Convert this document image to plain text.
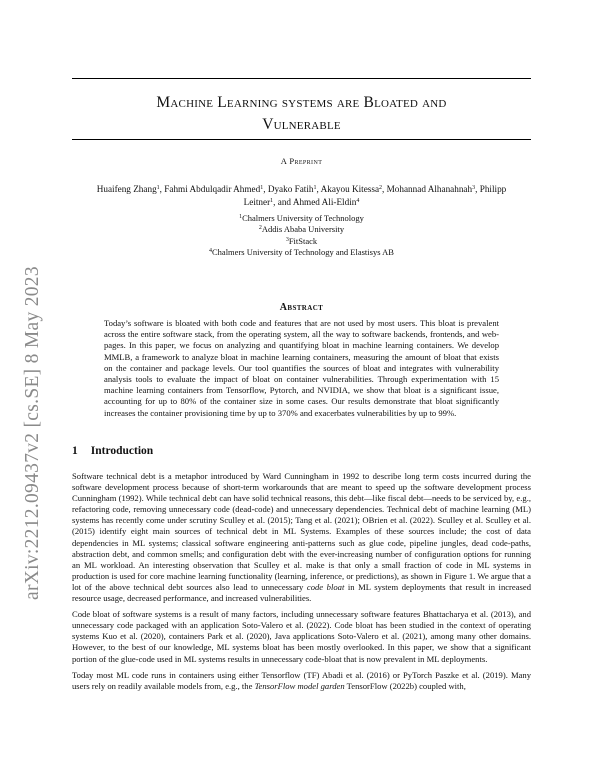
arXiv:2212.09437v2 [cs.SE] 8 May 2023
Machine Learning systems are Bloated and
Vulnerable
A Preprint
Huaifeng Zhang$^1$, Fahmi Abdulqadir Ahmed$^1$, Dyako Fatih$^1$, Akayou Kitessa$^2$, Mohannad Alhanahnah$^3$, Philipp Leitner$^1$, and Ahmed Ali-Eldin$^4$
$^1$Chalmers University of Technology
$^2$Addis Ababa University
$^3$FitStack
$^4$Chalmers University of Technology and Elastisys AB
Abstract
Today’s software is bloated with both code and features that are not used by most users. This bloat is prevalent across the entire software stack, from the operating system, all the way to software backends, frontends, and web-pages. In this paper, we focus on analyzing and quantifying bloat in machine learning containers. We develop MMLB, a framework to analyze bloat in machine learning containers, measuring the amount of bloat that exists on the container and package levels. Our tool quantifies the sources of bloat and integrates with vulnerability analysis tools to evaluate the impact of bloat on container vulnerabilities. Through experimentation with 15 machine learning containers from Tensorflow, Pytorch, and NVIDIA, we show that bloat is a significant issue, accounting for up to 80% of the container size in some cases. Our results demonstrate that bloat significantly increases the container provisioning time by up to 370% and exacerbates vulnerabilities by up to 99%.
1 Introduction

Software technical debt is a metaphor introduced by Ward Cunningham in 1992 to describe long term costs incurred during the software development process because of short-term workarounds that are meant to speed up the software development process Cunningham (1992). While technical debt can have solid technical reasons, this debt—like fiscal debt—needs to be serviced by, e.g., refactoring code, removing unnecessary code (dead-code) and unnecessary dependencies. Technical debt of machine learning (ML) systems has recently come under scrutiny Sculley et al. (2015); Tang et al. (2021); OBrien et al. (2022). Sculley et al. Sculley et al. (2015) identify eight main sources of technical debt in ML Systems. Examples of these sources include; the cost of data dependencies in ML systems; classical software engineering anti-patterns such as glue code, pipeline jungles, dead code-paths, abstraction debt, and common smells; and configuration debt with the ever-increasing number of configuration options for running an ML workload. An interesting observation that Sculley et al. make is that only a small fraction of code in ML systems in production is used for core machine learning functionality (learning, inference, or predictions), as shown in Figure 1. We argue that a lot of the above technical debt sources also lead to unnecessary code bloat in ML system deployments that result in increased resource usage, decreased performance, and increased vulnerabilities.

Code bloat of software systems is a result of many factors, including unnecessary software features Bhattacharya et al. (2013), and unnecessary code packaged with an application Soto-Valero et al. (2022). Code bloat has been studied in the context of operating systems Kuo et al. (2020), containers Park et al. (2020), Java applications Soto-Valero et al. (2021), among many other domains. However, to the best of our knowledge, ML systems bloat has been mostly overlooked. In this paper, we show that a significant portion of the glue-code used in ML systems results in unnecessary code-bloat that is now prevalent in ML deployments.

Today most ML code runs in containers using either Tensorflow (TF) Abadi et al. (2016) or PyTorch Paszke et al. (2019). Many users rely on readily available models from, e.g., the TensorFlow model garden TensorFlow (2022b) coupled with,
